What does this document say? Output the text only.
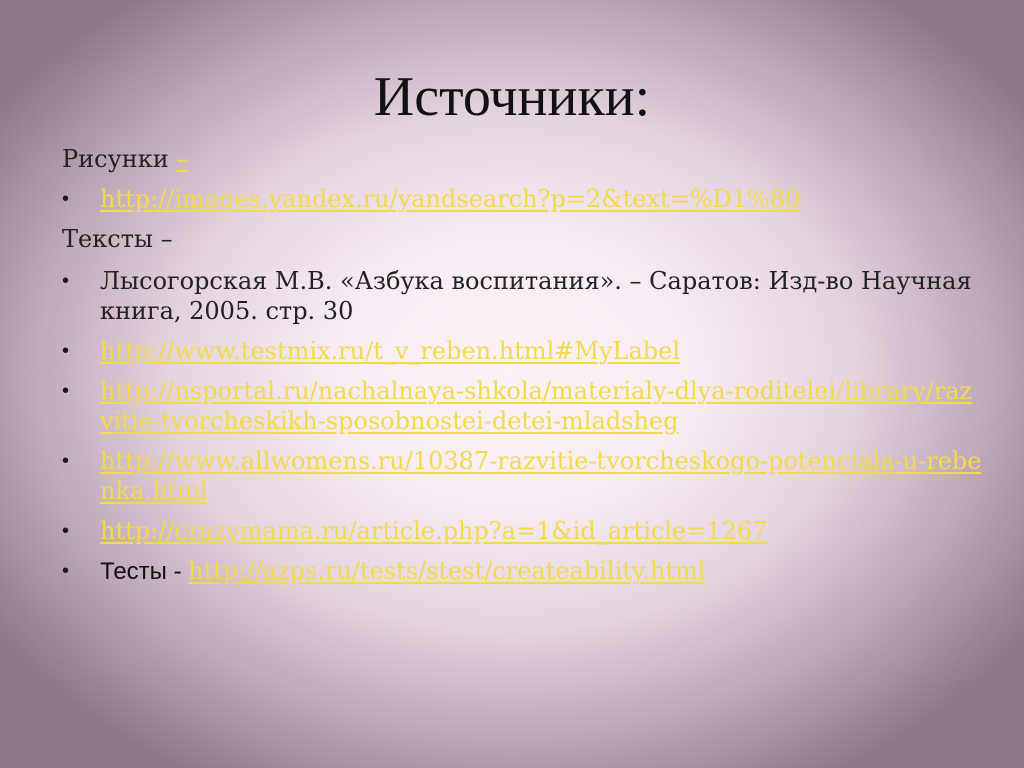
Источники:

Рисунки –

• http://images.yandex.ru/yandsearch?p=2&text=%D1%80

Тексты –

• Лысогорская М.В. «Азбука воспитания». – Саратов: Изд-во Научная книга, 2005. стр. 30

• http://www.testmix.ru/t_v_reben.html#MyLabel

• http://nsportal.ru/nachalnaya-shkola/materialy-dlya-roditelei/library/razvitie-tvorcheskikh-sposobnostei-detei-mladsheg

• http://www.allwomens.ru/10387-razvitie-tvorcheskogo-potenciala-u-rebenka.html

• http://crazymama.ru/article.php?a=1&id_article=1267

• Тесты - http://azps.ru/tests/stest/createability.html
